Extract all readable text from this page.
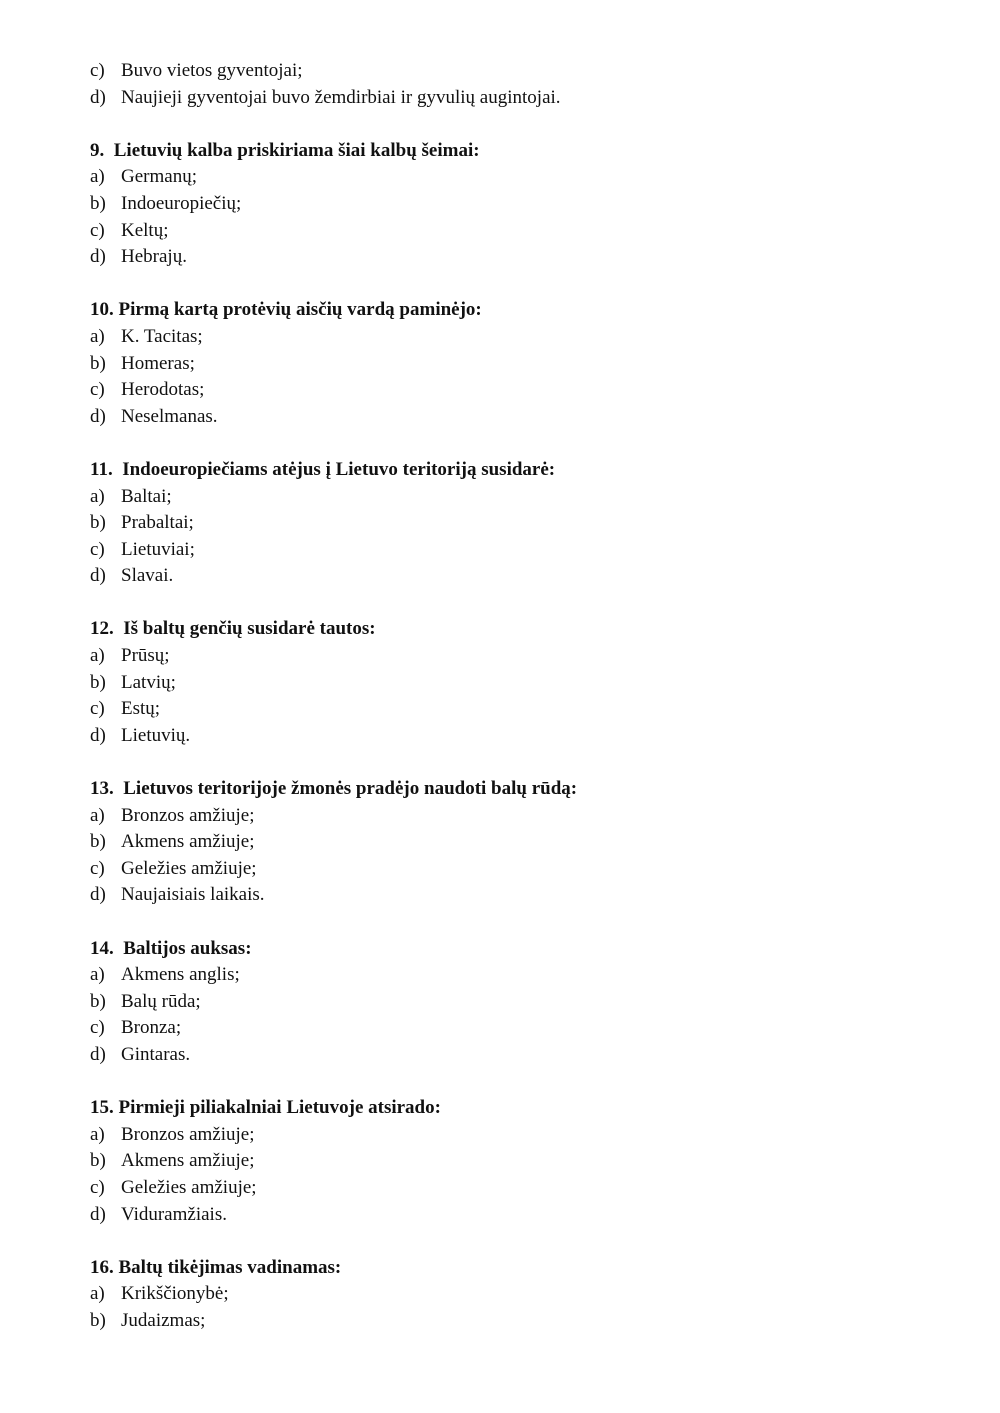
c) Buvo vietos gyventojai;
d) Naujieji gyventojai buvo žemdirbiai ir gyvulių augintojai.
9.  Lietuvių kalba priskiriama šiai kalbų šeimai:
a) Germanų;
b) Indoeuropiečių;
c) Keltų;
d) Hebrajų.
10. Pirmą kartą protėvių aisčių vardą paminėjo:
a) K. Tacitas;
b) Homeras;
c) Herodotas;
d) Neselmanas.
11.  Indoeuropiečiams atėjus į Lietuvo teritoriją susidarė:
a) Baltai;
b) Prabaltai;
c) Lietuviai;
d) Slavai.
12.  Iš baltų genčių susidarė tautos:
a) Prūsų;
b) Latvių;
c) Estų;
d) Lietuvių.
13.  Lietuvos teritorijoje žmonės pradėjo naudoti balų rūdą:
a) Bronzos amžiuje;
b) Akmens amžiuje;
c) Geležies amžiuje;
d) Naujaisiais laikais.
14.  Baltijos auksas:
a) Akmens anglis;
b) Balų rūda;
c) Bronza;
d) Gintaras.
15. Pirmieji piliakalniai Lietuvoje atsirado:
a) Bronzos amžiuje;
b) Akmens amžiuje;
c) Geležies amžiuje;
d) Viduramžiais.
16. Baltų tikėjimas vadinamas:
a) Krikščionybė;
b) Judaizmas;
